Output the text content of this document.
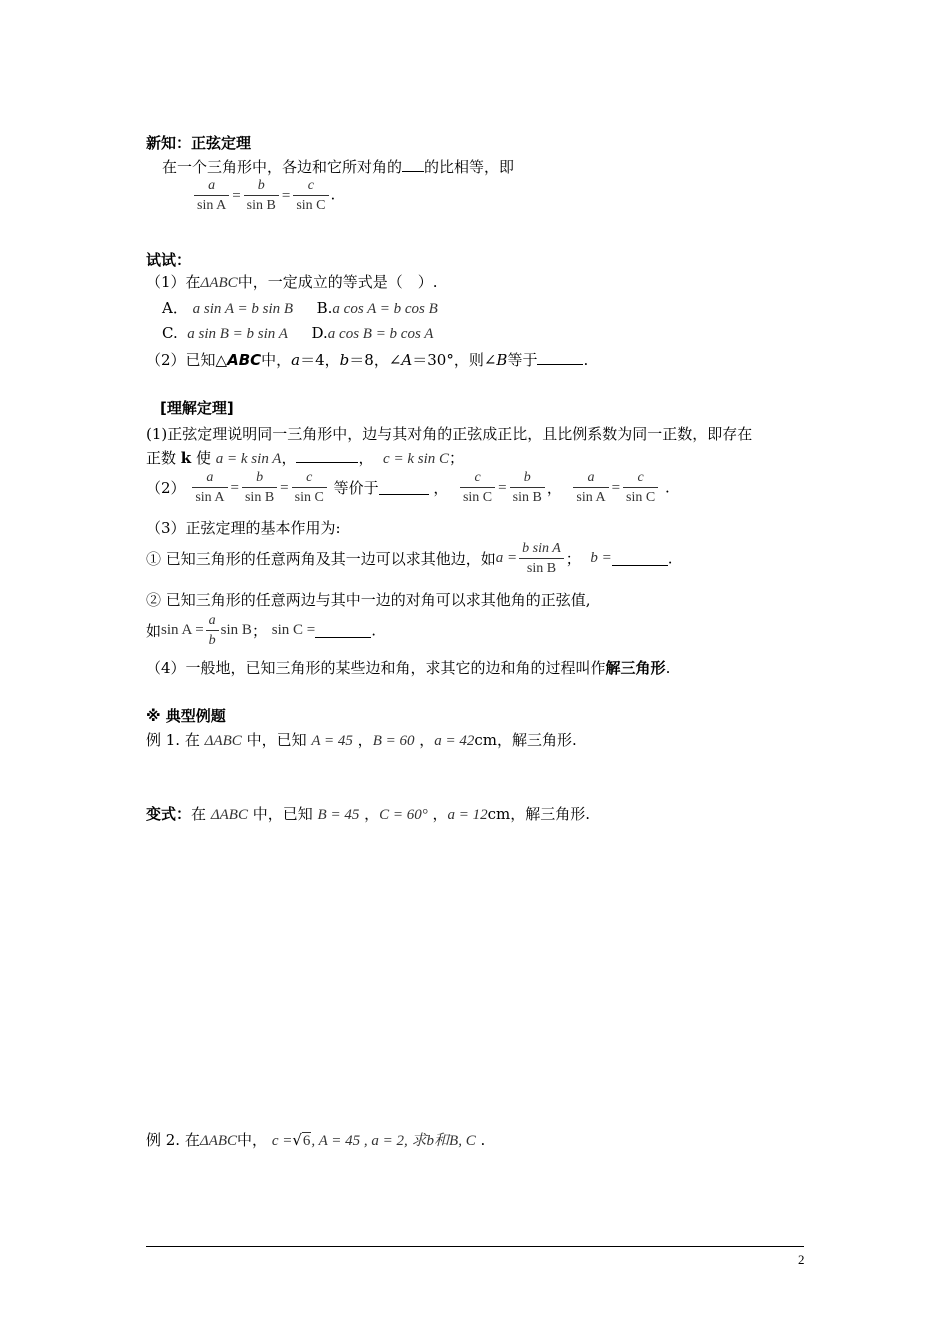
新知：正弦定理
在一个三角形中，各边和它所对角的 的比相等，即
$\frac{a}{\text{sin A}} = \frac{b}{\text{sin B}} = \frac{c}{\text{sin C}}$ .
试试：
（1）在ΔABC中，一定成立的等式是（　）.
A． a sin A = b sin B B.a cos A = b cos B
C. a sin B = b sin A D.a cos B = b cos A
（2）已知△ABC中，a＝4，b＝8，∠A＝30°，则∠B等于	.
[理解定理]
(1)正弦定理说明同一三角形中，边与其对角的正弦成正比，且比例系数为同一正数，即存在
正数 k 使 a = k sin A，	， c = k sin C；
$(2) \frac{a}{\text{sin A}} = \frac{b}{\text{sin B}} = \frac{c}{\text{sin C}}$ 等价于	， $\frac{c}{\text{sin C}} = \frac{b}{\text{sin B}}$ ， $\frac{a}{\text{sin A}} = \frac{c}{\text{sin C}}$ .
（3）正弦定理的基本作用为:
① 已知三角形的任意两角及其一边可以求其他边，如$a = \frac{\text{b sin A}}{\text{sin B}}$ ； b =	.
② 已知三角形的任意两边与其中一边的对角可以求其他角的正弦值,
如$\sin A = \frac{a}{b}$ sin B； sin C =	.
（4）一般地，已知三角形的某些边和角，求其它的边和角的过程叫作解三角形.
※ 典型例题
例 1. 在 ΔABC 中，已知 A = 45 ，B = 60 ，a = 42cm，解三角形.
变式：在 ΔABC 中，已知 B = 45 ，C = 60° ，a = 12cm，解三角形.
例 2. 在ΔABC中， c =√6, A = 45 , a = 2, 求b和B, C .
2
